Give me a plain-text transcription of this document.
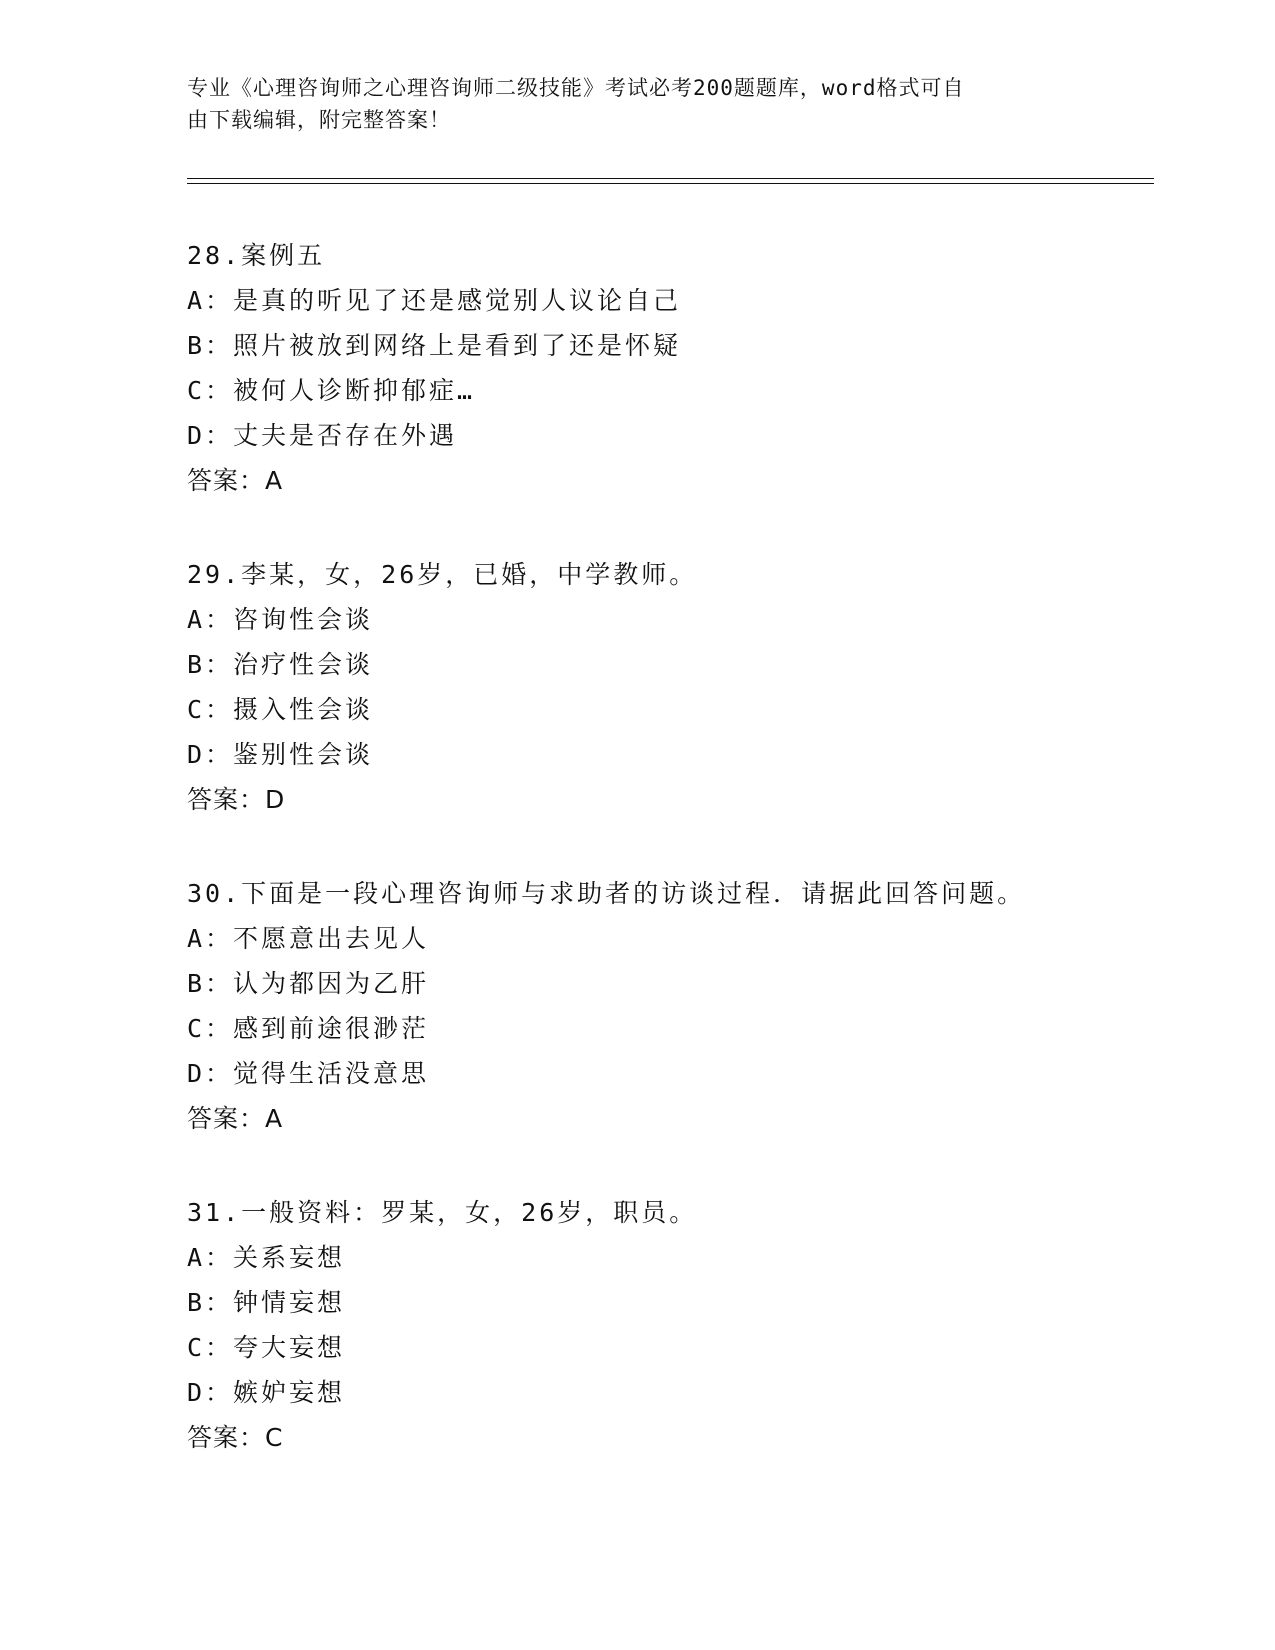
专业《心理咨询师之心理咨询师二级技能》考试必考200题题库，word格式可自
由下载编辑，附完整答案！
28.案例五
A：是真的听见了还是感觉别人议论自己
B：照片被放到网络上是看到了还是怀疑
C：被何人诊断抑郁症…
D：丈夫是否存在外遇
答案：A
29.李某，女，26岁，已婚，中学教师。
A：咨询性会谈
B：治疗性会谈
C：摄入性会谈
D：鉴别性会谈
答案：D
30.下面是一段心理咨询师与求助者的访谈过程．请据此回答问题。
A：不愿意出去见人
B：认为都因为乙肝
C：感到前途很渺茫
D：觉得生活没意思
答案：A
31.一般资料：罗某，女，26岁，职员。
A：关系妄想
B：钟情妄想
C：夸大妄想
D：嫉妒妄想
答案：C
